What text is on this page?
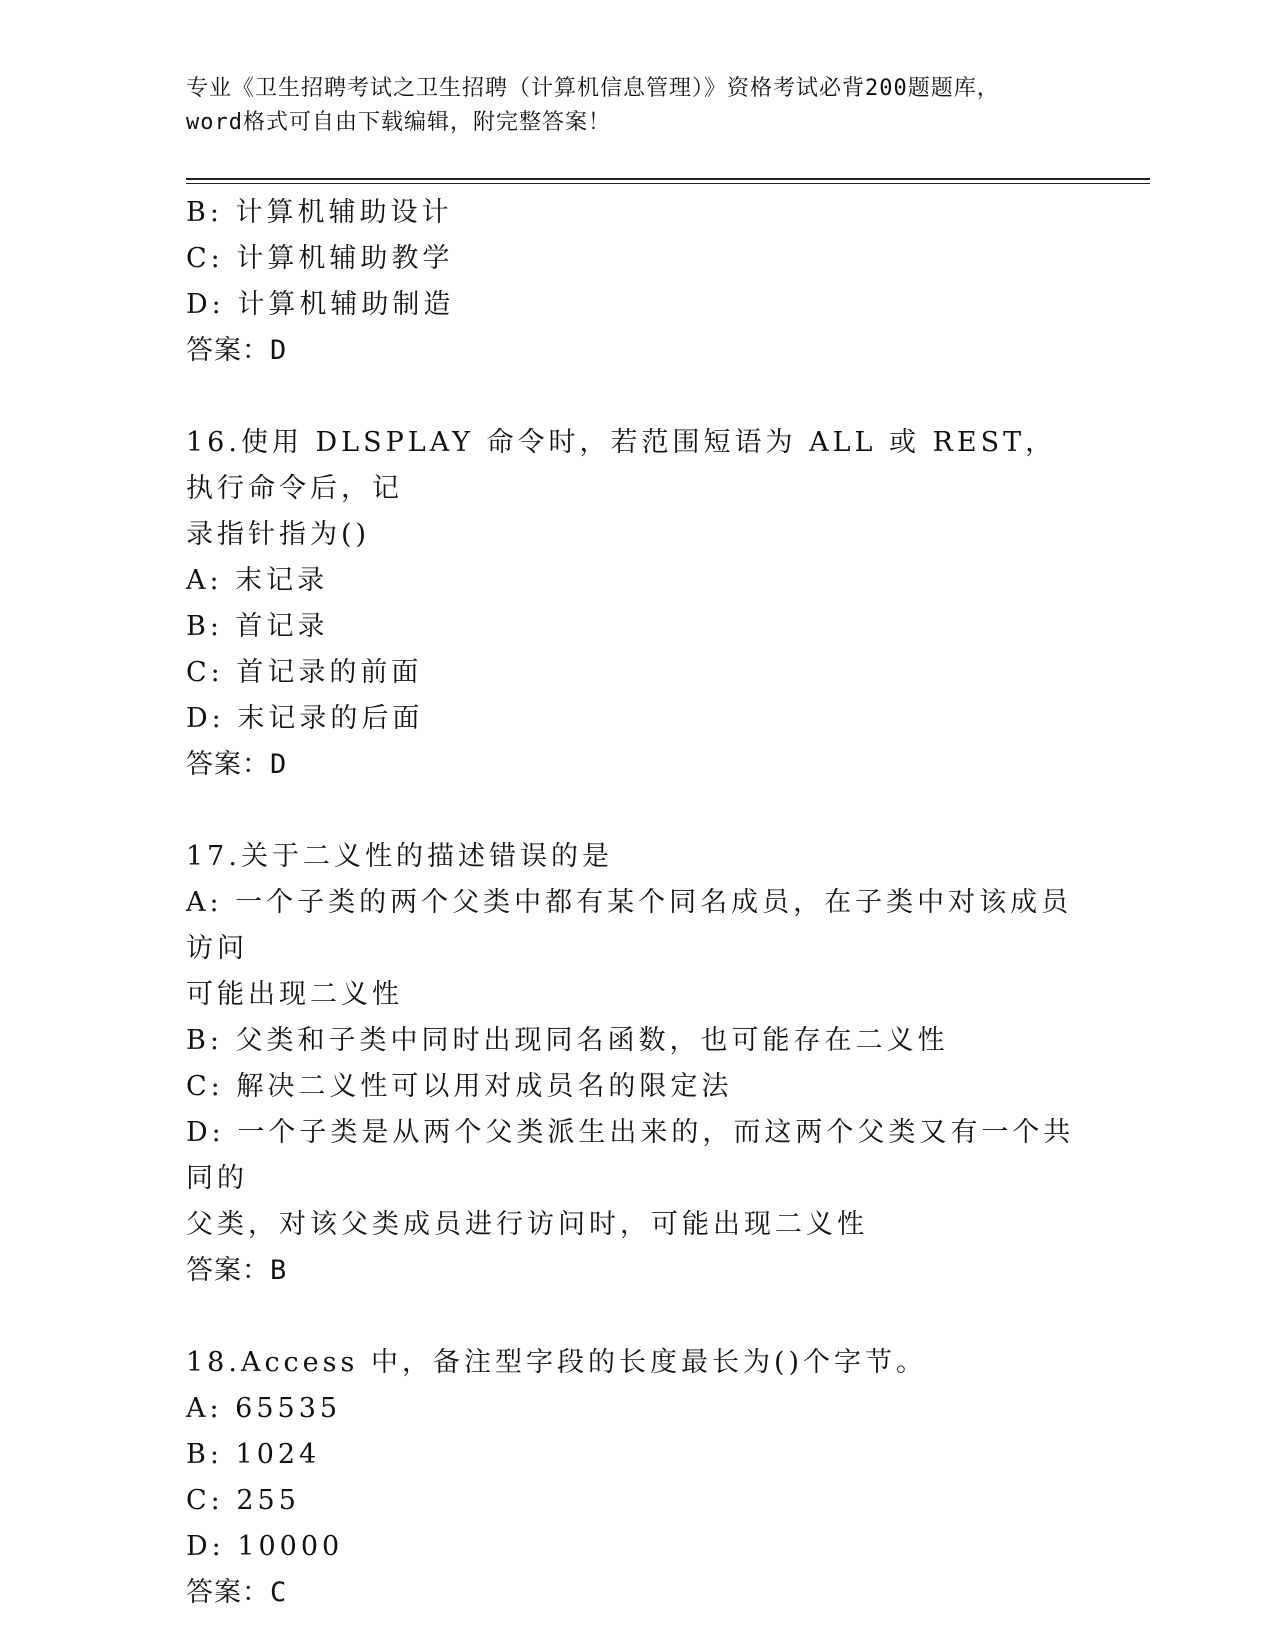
专业《卫生招聘考试之卫生招聘（计算机信息管理）》资格考试必背200题题库，
word格式可自由下载编辑，附完整答案！
B: 计算机辅助设计
C: 计算机辅助教学
D: 计算机辅助制造
答案：D
16.使用 DLSPLAY 命令时，若范围短语为 ALL 或 REST，执行命令后，记
录指针指为()
A: 末记录
B: 首记录
C: 首记录的前面
D: 末记录的后面
答案：D
17.关于二义性的描述错误的是
A: 一个子类的两个父类中都有某个同名成员，在子类中对该成员访问
可能出现二义性
B: 父类和子类中同时出现同名函数，也可能存在二义性
C: 解决二义性可以用对成员名的限定法
D: 一个子类是从两个父类派生出来的，而这两个父类又有一个共同的
父类，对该父类成员进行访问时，可能出现二义性
答案：B
18.Access 中，备注型字段的长度最长为()个字节。
A: 65535
B: 1024
C: 255
D: 10000
答案：C
